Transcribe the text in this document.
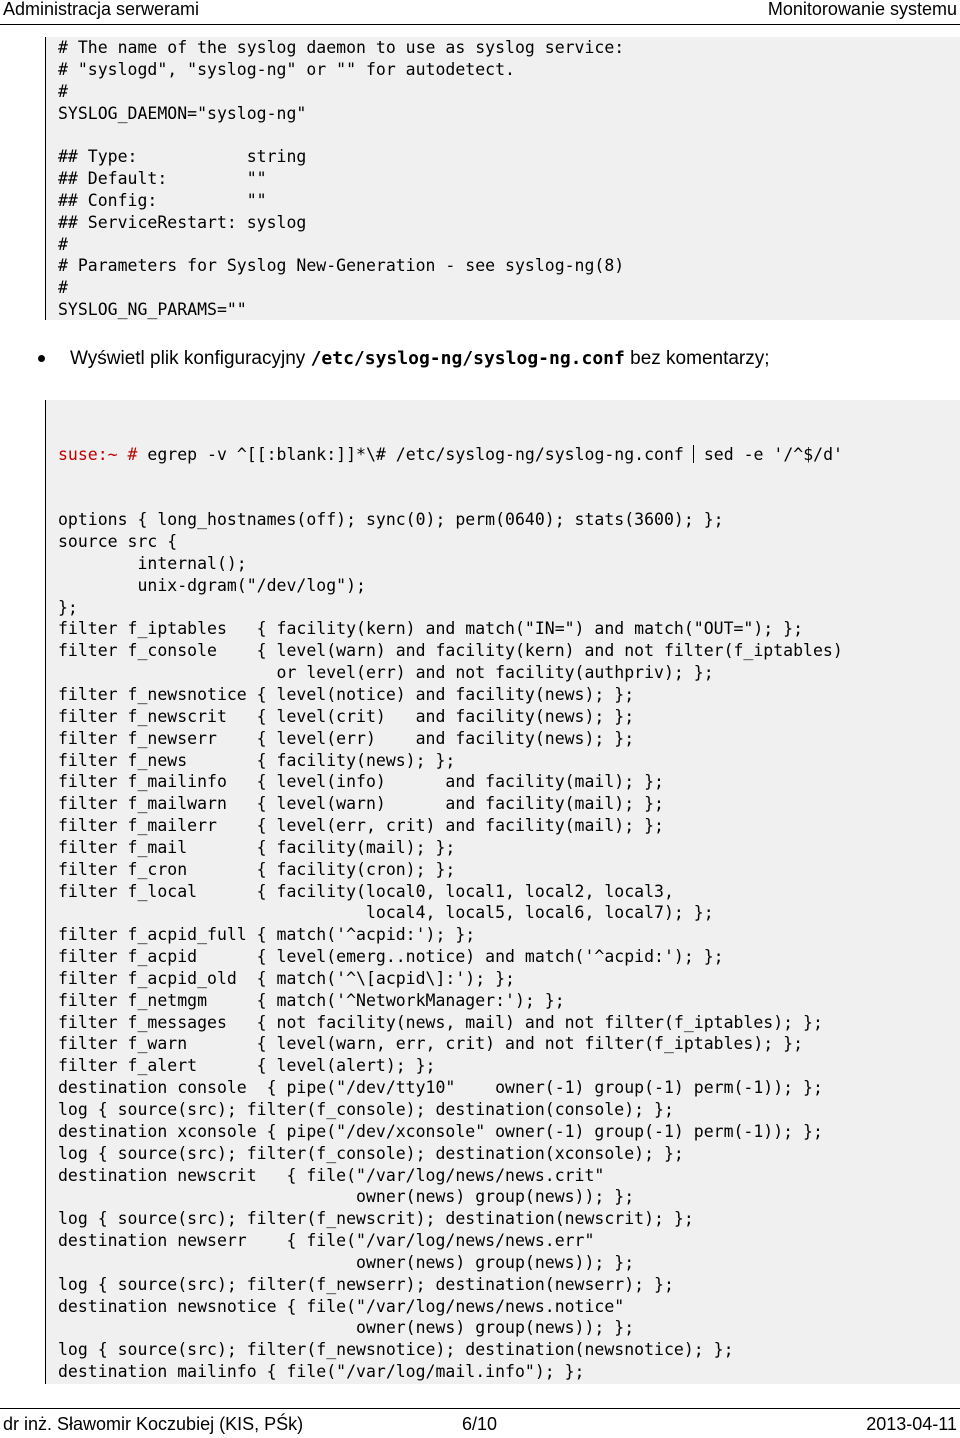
Administracja serwerami	Monitorowanie systemu
# The name of the syslog daemon to use as syslog service:
# "syslogd", "syslog-ng" or "" for autodetect.
#
SYSLOG_DAEMON="syslog-ng"
## Type:           string
## Default:        ""
## Config:         ""
## ServiceRestart: syslog
#
# Parameters for Syslog New-Generation - see syslog-ng(8)
#
SYSLOG_NG_PARAMS=""
Wyświetl plik konfiguracyjny /etc/syslog-ng/syslog-ng.conf bez komentarzy;

suse:~ # egrep -v ^[[:blank:]]*\# /etc/syslog-ng/syslog-ng.conf sed -e '/^$/d'

options { long_hostnames(off); sync(0); perm(0640); stats(3600); };
source src {
internal();
unix-dgram("/dev/log");
};
filter f_iptables   { facility(kern) and match("IN=") and match("OUT="); };
filter f_console    { level(warn) and facility(kern) and not filter(f_iptables)
or level(err) and not facility(authpriv); };
filter f_newsnotice { level(notice) and facility(news); };
filter f_newscrit   { level(crit)   and facility(news); };
filter f_newserr    { level(err)    and facility(news); };
filter f_news       { facility(news); };
filter f_mailinfo   { level(info)      and facility(mail); };
filter f_mailwarn   { level(warn)      and facility(mail); };
filter f_mailerr    { level(err, crit) and facility(mail); };
filter f_mail       { facility(mail); };
filter f_cron       { facility(cron); };
filter f_local      { facility(local0, local1, local2, local3,
local4, local5, local6, local7); };
filter f_acpid_full { match('^acpid:'); };
filter f_acpid      { level(emerg..notice) and match('^acpid:'); };
filter f_acpid_old  { match('^\[acpid\]:'); };
filter f_netmgm     { match('^NetworkManager:'); };
filter f_messages   { not facility(news, mail) and not filter(f_iptables); };
filter f_warn       { level(warn, err, crit) and not filter(f_iptables); };
filter f_alert      { level(alert); };
destination console  { pipe("/dev/tty10"    owner(-1) group(-1) perm(-1)); };
log { source(src); filter(f_console); destination(console); };
destination xconsole { pipe("/dev/xconsole" owner(-1) group(-1) perm(-1)); };
log { source(src); filter(f_console); destination(xconsole); };
destination newscrit   { file("/var/log/news/news.crit"
owner(news) group(news)); };
log { source(src); filter(f_newscrit); destination(newscrit); };
destination newserr    { file("/var/log/news/news.err"
owner(news) group(news)); };
log { source(src); filter(f_newserr); destination(newserr); };
destination newsnotice { file("/var/log/news/news.notice"
owner(news) group(news)); };
log { source(src); filter(f_newsnotice); destination(newsnotice); };
destination mailinfo { file("/var/log/mail.info"); };

dr inż. Sławomir Koczubiej (KIS, PŚk)	6/10	2013-04-11
